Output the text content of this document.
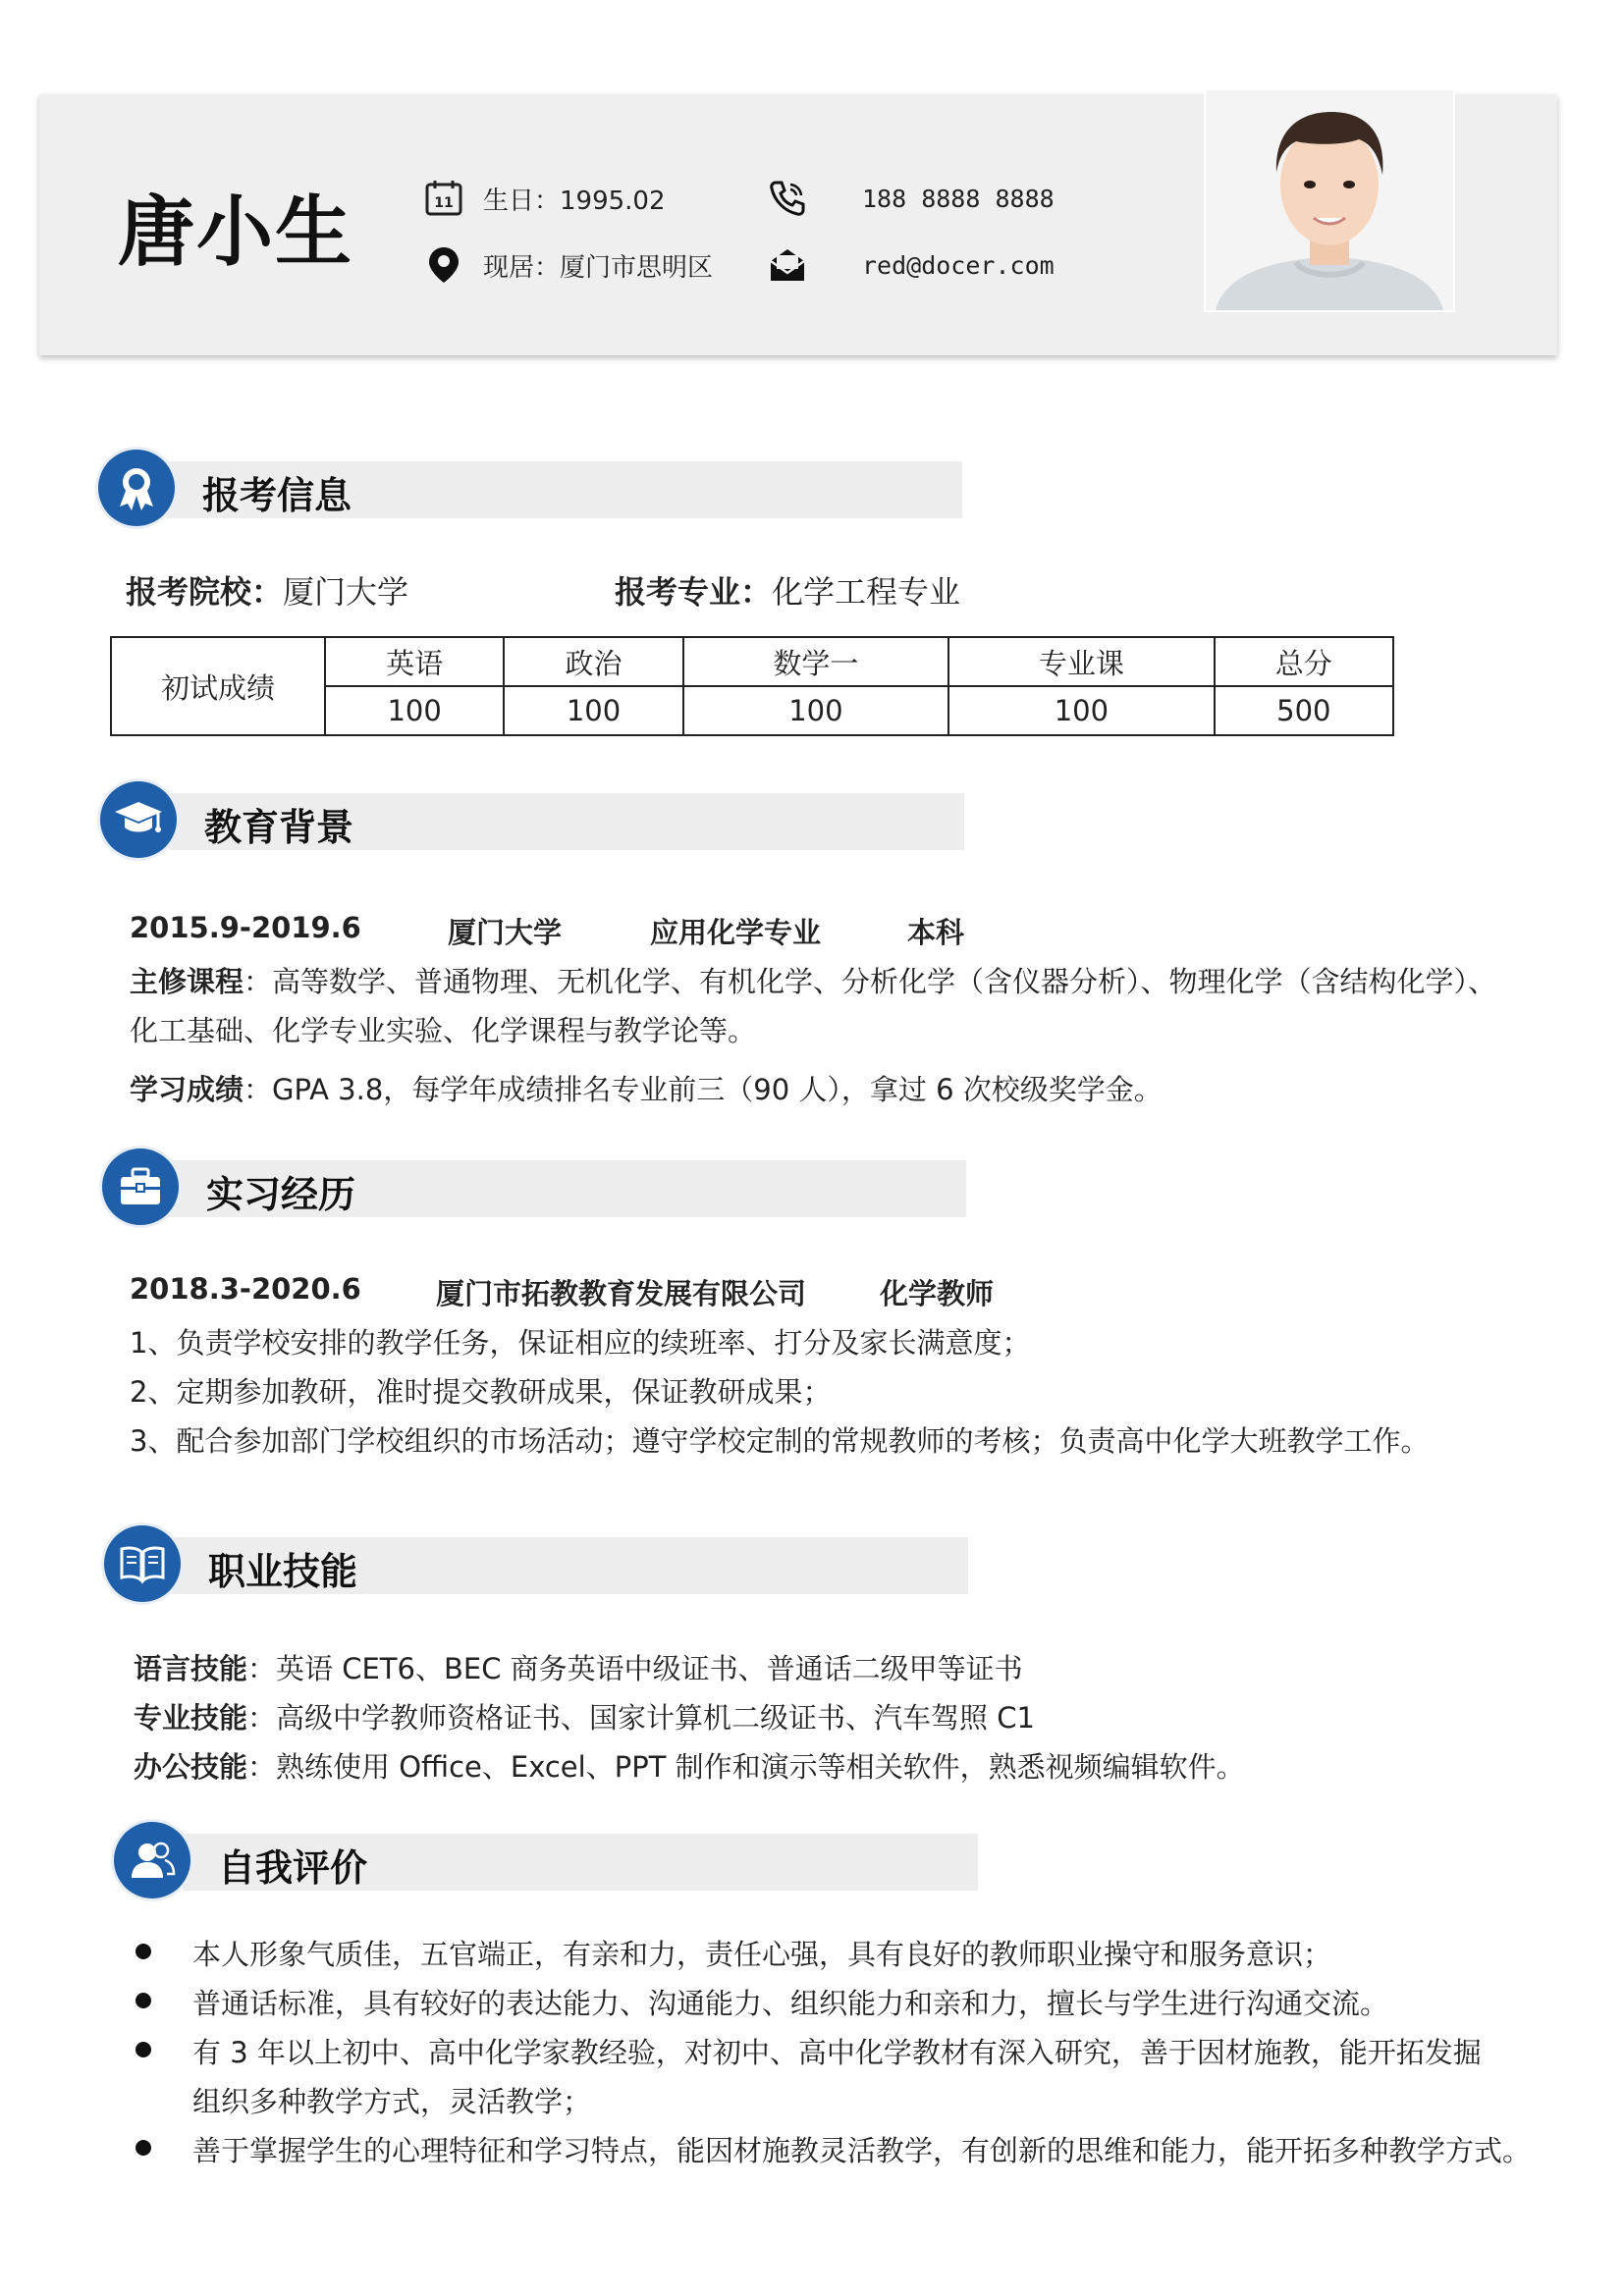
唐小生	11 生日：1995.02
现居：厦门市思明区
188 8888 8888
red@docer.com
报考信息
报考院校：厦门大学	报考专业：化学工程专业
初试成绩	英语	政治	数学一	专业课	总分
	100	100	100	100	500
教育背景
2015.9-2019.6	厦门大学	应用化学专业	本科
主修课程：高等数学、普通物理、无机化学、有机化学、分析化学（含仪器分析）、物理化学（含结构化学）、
化工基础、化学专业实验、化学课程与教学论等。
学习成绩：GPA 3.8，每学年成绩排名专业前三（90 人），拿过 6 次校级奖学金。
实习经历
2018.3-2020.6	厦门市拓教教育发展有限公司	化学教师
1、负责学校安排的教学任务，保证相应的续班率、打分及家长满意度；
2、定期参加教研，准时提交教研成果，保证教研成果；
3、配合参加部门学校组织的市场活动；遵守学校定制的常规教师的考核；负责高中化学大班教学工作。
职业技能
语言技能：英语 CET6、BEC 商务英语中级证书、普通话二级甲等证书
专业技能：高级中学教师资格证书、国家计算机二级证书、汽车驾照 C1
办公技能：熟练使用 Office、Excel、PPT 制作和演示等相关软件，熟悉视频编辑软件。
自我评价
本人形象气质佳，五官端正，有亲和力，责任心强，具有良好的教师职业操守和服务意识；
普通话标准，具有较好的表达能力、沟通能力、组织能力和亲和力，擅长与学生进行沟通交流。
有 3 年以上初中、高中化学家教经验，对初中、高中化学教材有深入研究，善于因材施教，能开拓发掘
组织多种教学方式，灵活教学；
善于掌握学生的心理特征和学习特点，能因材施教灵活教学，有创新的思维和能力，能开拓多种教学方式。
